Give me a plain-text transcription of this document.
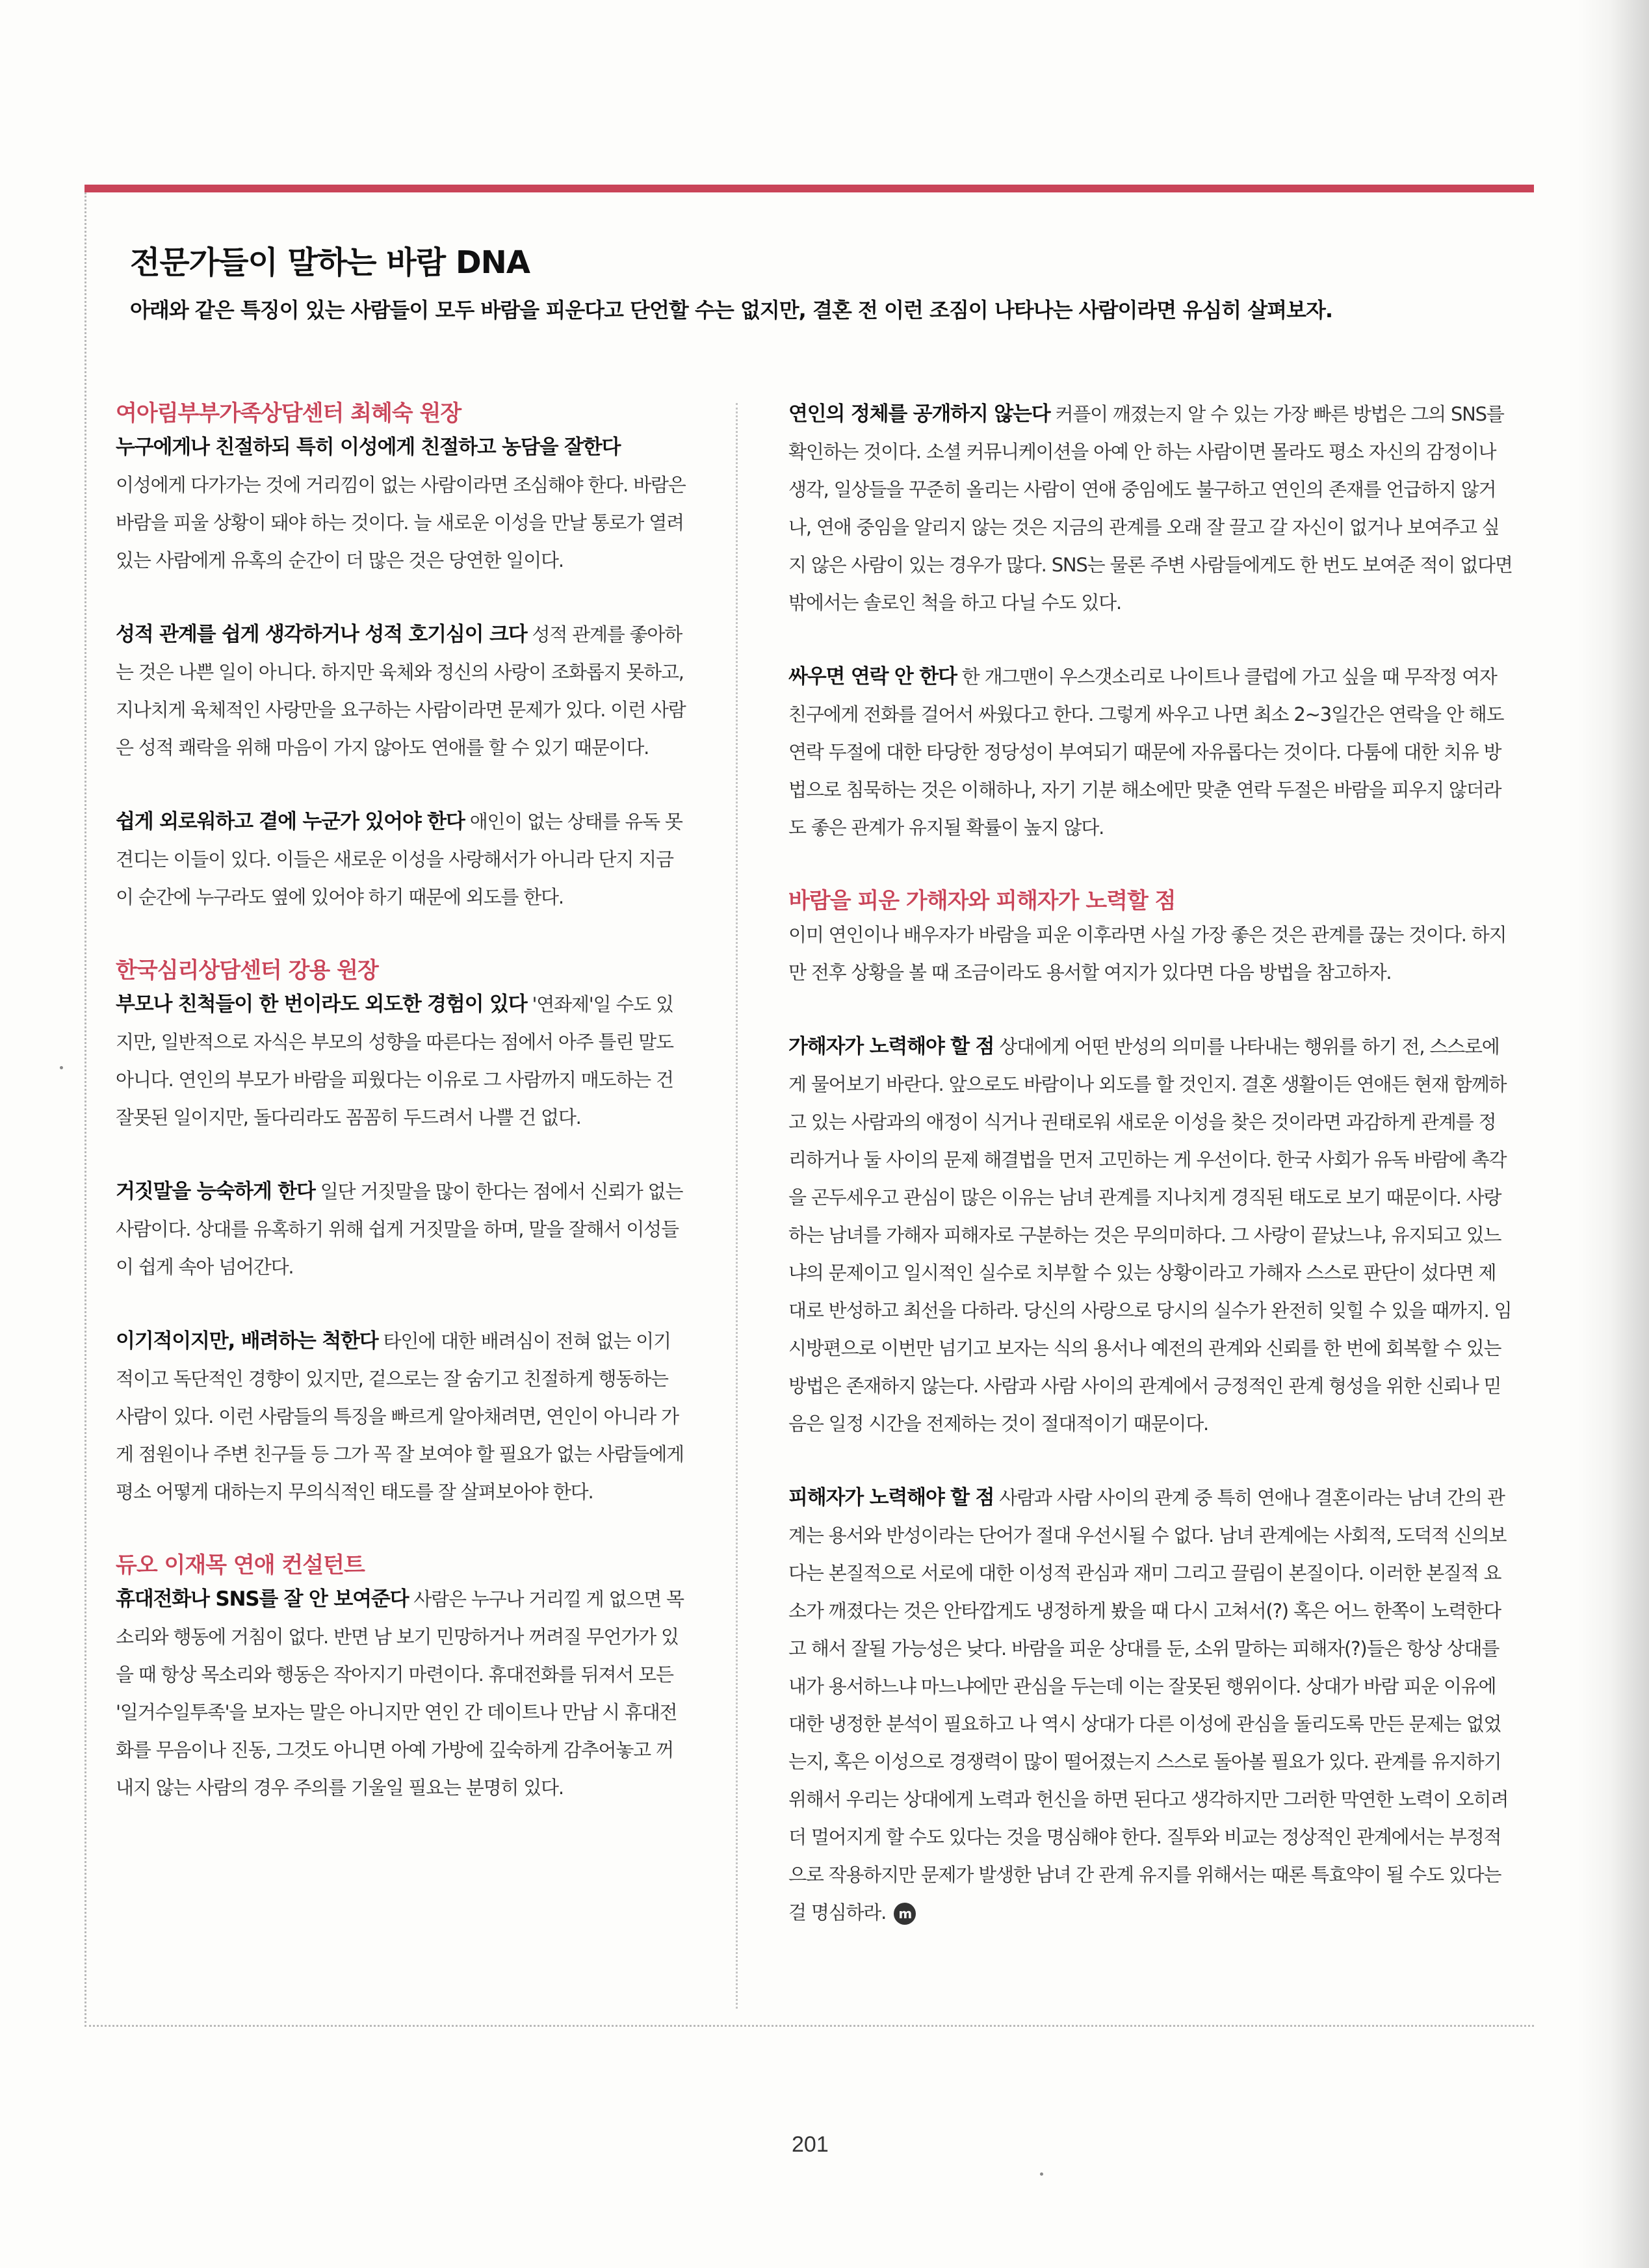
전문가들이 말하는 바람 DNA

아래와 같은 특징이 있는 사람들이 모두 바람을 피운다고 단언할 수는 없지만, 결혼 전 이런 조짐이 나타나는 사람이라면 유심히 살펴보자.

여아림부부가족상담센터 최혜숙 원장

누구에게나 친절하되 특히 이성에게 친절하고 농담을 잘한다
이성에게 다가가는 것에 거리낌이 없는 사람이라면 조심해야 한다. 바람은 바람을 피울 상황이 돼야 하는 것이다. 늘 새로운 이성을 만날 통로가 열려 있는 사람에게 유혹의 순간이 더 많은 것은 당연한 일이다.

성적 관계를 쉽게 생각하거나 성적 호기심이 크다 성적 관계를 좋아하는 것은 나쁜 일이 아니다. 하지만 육체와 정신의 사랑이 조화롭지 못하고, 지나치게 육체적인 사랑만을 요구하는 사람이라면 문제가 있다. 이런 사람은 성적 쾌락을 위해 마음이 가지 않아도 연애를 할 수 있기 때문이다.

쉽게 외로워하고 곁에 누군가 있어야 한다 애인이 없는 상태를 유독 못 견디는 이들이 있다. 이들은 새로운 이성을 사랑해서가 아니라 단지 지금 이 순간에 누구라도 옆에 있어야 하기 때문에 외도를 한다.

한국심리상담센터 강용 원장

부모나 친척들이 한 번이라도 외도한 경험이 있다 '연좌제'일 수도 있지만, 일반적으로 자식은 부모의 성향을 따른다는 점에서 아주 틀린 말도 아니다. 연인의 부모가 바람을 피웠다는 이유로 그 사람까지 매도하는 건 잘못된 일이지만, 돌다리라도 꼼꼼히 두드려서 나쁠 건 없다.

거짓말을 능숙하게 한다 일단 거짓말을 많이 한다는 점에서 신뢰가 없는 사람이다. 상대를 유혹하기 위해 쉽게 거짓말을 하며, 말을 잘해서 이성들이 쉽게 속아 넘어간다.

이기적이지만, 배려하는 척한다 타인에 대한 배려심이 전혀 없는 이기적이고 독단적인 경향이 있지만, 겉으로는 잘 숨기고 친절하게 행동하는 사람이 있다. 이런 사람들의 특징을 빠르게 알아채려면, 연인이 아니라 가게 점원이나 주변 친구들 등 그가 꼭 잘 보여야 할 필요가 없는 사람들에게 평소 어떻게 대하는지 무의식적인 태도를 잘 살펴보아야 한다.

듀오 이재목 연애 컨설턴트

휴대전화나 SNS를 잘 안 보여준다 사람은 누구나 거리낄 게 없으면 목소리와 행동에 거침이 없다. 반면 남 보기 민망하거나 꺼려질 무언가가 있을 때 항상 목소리와 행동은 작아지기 마련이다. 휴대전화를 뒤져서 모든 '일거수일투족'을 보자는 말은 아니지만 연인 간 데이트나 만남 시 휴대전화를 무음이나 진동, 그것도 아니면 아예 가방에 깊숙하게 감추어놓고 꺼내지 않는 사람의 경우 주의를 기울일 필요는 분명히 있다.

연인의 정체를 공개하지 않는다 커플이 깨졌는지 알 수 있는 가장 빠른 방법은 그의 SNS를 확인하는 것이다. 소셜 커뮤니케이션을 아예 안 하는 사람이면 몰라도 평소 자신의 감정이나 생각, 일상들을 꾸준히 올리는 사람이 연애 중임에도 불구하고 연인의 존재를 언급하지 않거나, 연애 중임을 알리지 않는 것은 지금의 관계를 오래 잘 끌고 갈 자신이 없거나 보여주고 싶지 않은 사람이 있는 경우가 많다. SNS는 물론 주변 사람들에게도 한 번도 보여준 적이 없다면 밖에서는 솔로인 척을 하고 다닐 수도 있다.

싸우면 연락 안 한다 한 개그맨이 우스갯소리로 나이트나 클럽에 가고 싶을 때 무작정 여자 친구에게 전화를 걸어서 싸웠다고 한다. 그렇게 싸우고 나면 최소 2~3일간은 연락을 안 해도 연락 두절에 대한 타당한 정당성이 부여되기 때문에 자유롭다는 것이다. 다툼에 대한 치유 방법으로 침묵하는 것은 이해하나, 자기 기분 해소에만 맞춘 연락 두절은 바람을 피우지 않더라도 좋은 관계가 유지될 확률이 높지 않다.

바람을 피운 가해자와 피해자가 노력할 점

이미 연인이나 배우자가 바람을 피운 이후라면 사실 가장 좋은 것은 관계를 끊는 것이다. 하지만 전후 상황을 볼 때 조금이라도 용서할 여지가 있다면 다음 방법을 참고하자.

가해자가 노력해야 할 점 상대에게 어떤 반성의 의미를 나타내는 행위를 하기 전, 스스로에게 물어보기 바란다. 앞으로도 바람이나 외도를 할 것인지. 결혼 생활이든 연애든 현재 함께하고 있는 사람과의 애정이 식거나 권태로워 새로운 이성을 찾은 것이라면 과감하게 관계를 정리하거나 둘 사이의 문제 해결법을 먼저 고민하는 게 우선이다. 한국 사회가 유독 바람에 촉각을 곤두세우고 관심이 많은 이유는 남녀 관계를 지나치게 경직된 태도로 보기 때문이다. 사랑하는 남녀를 가해자 피해자로 구분하는 것은 무의미하다. 그 사랑이 끝났느냐, 유지되고 있느냐의 문제이고 일시적인 실수로 치부할 수 있는 상황이라고 가해자 스스로 판단이 섰다면 제대로 반성하고 최선을 다하라. 당신의 사랑으로 당시의 실수가 완전히 잊힐 수 있을 때까지. 임시방편으로 이번만 넘기고 보자는 식의 용서나 예전의 관계와 신뢰를 한 번에 회복할 수 있는 방법은 존재하지 않는다. 사람과 사람 사이의 관계에서 긍정적인 관계 형성을 위한 신뢰나 믿음은 일정 시간을 전제하는 것이 절대적이기 때문이다.

피해자가 노력해야 할 점 사람과 사람 사이의 관계 중 특히 연애나 결혼이라는 남녀 간의 관계는 용서와 반성이라는 단어가 절대 우선시될 수 없다. 남녀 관계에는 사회적, 도덕적 신의보다는 본질적으로 서로에 대한 이성적 관심과 재미 그리고 끌림이 본질이다. 이러한 본질적 요소가 깨졌다는 것은 안타깝게도 냉정하게 봤을 때 다시 고쳐서(?) 혹은 어느 한쪽이 노력한다고 해서 잘될 가능성은 낮다. 바람을 피운 상대를 둔, 소위 말하는 피해자(?)들은 항상 상대를 내가 용서하느냐 마느냐에만 관심을 두는데 이는 잘못된 행위이다. 상대가 바람 피운 이유에 대한 냉정한 분석이 필요하고 나 역시 상대가 다른 이성에 관심을 돌리도록 만든 문제는 없었는지, 혹은 이성으로 경쟁력이 많이 떨어졌는지 스스로 돌아볼 필요가 있다. 관계를 유지하기 위해서 우리는 상대에게 노력과 헌신을 하면 된다고 생각하지만 그러한 막연한 노력이 오히려 더 멀어지게 할 수도 있다는 것을 명심해야 한다. 질투와 비교는 정상적인 관계에서는 부정적으로 작용하지만 문제가 발생한 남녀 간 관계 유지를 위해서는 때론 특효약이 될 수도 있다는 걸 명심하라. m

201
